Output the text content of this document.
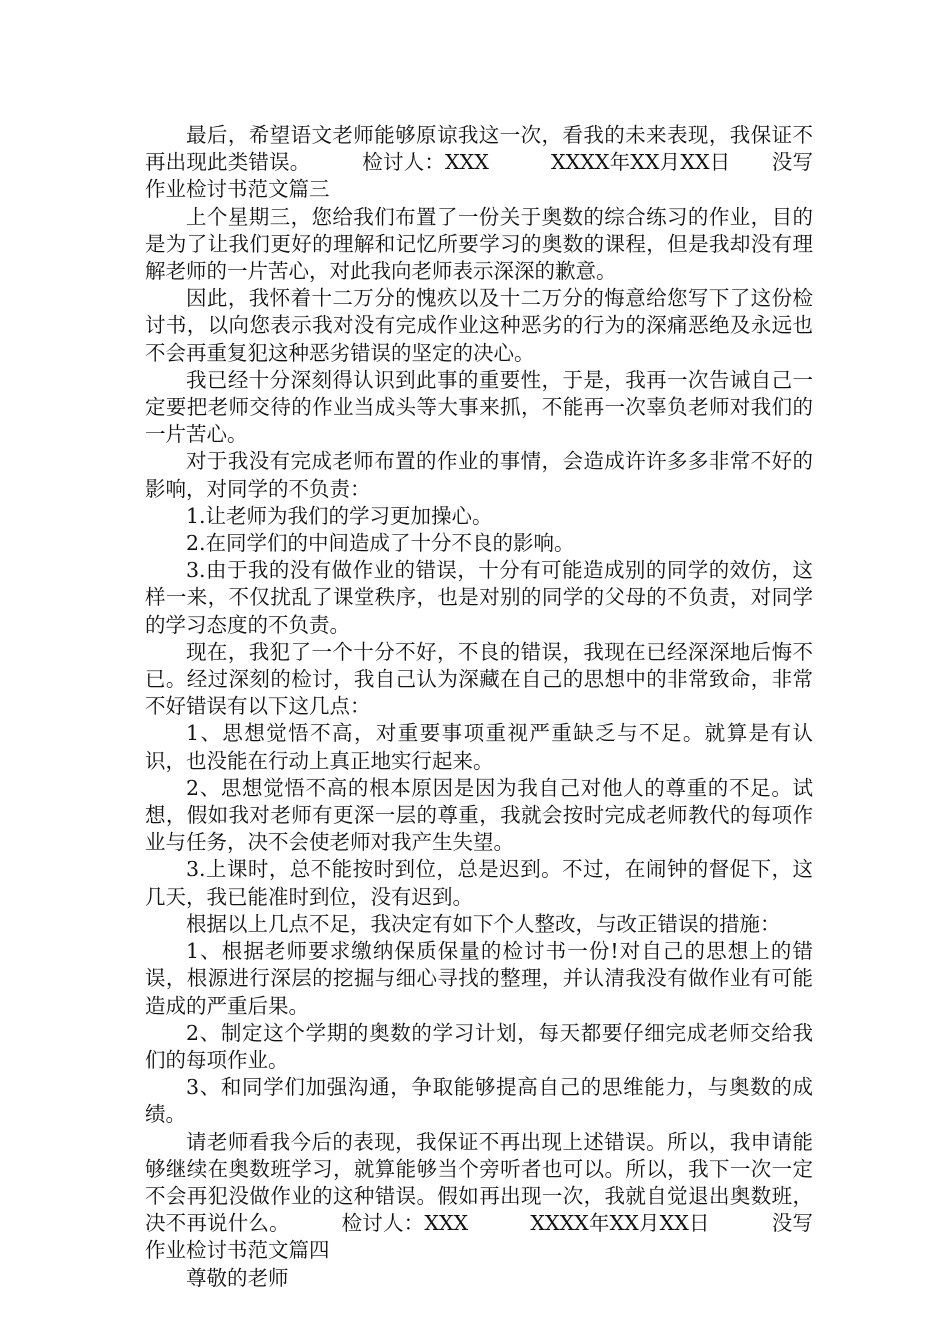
最后，希望语文老师能够原谅我这一次，看我的未来表现，我保证不再出现此类错误。　　　检讨人：XXX　　　XXXX年XX月XX日　　没写作业检讨书范文篇三

上个星期三，您给我们布置了一份关于奥数的综合练习的作业，目的是为了让我们更好的理解和记忆所要学习的奥数的课程，但是我却没有理解老师的一片苦心，对此我向老师表示深深的歉意。

因此，我怀着十二万分的愧疚以及十二万分的悔意给您写下了这份检讨书，以向您表示我对没有完成作业这种恶劣的行为的深痛恶绝及永远也不会再重复犯这种恶劣错误的坚定的决心。

我已经十分深刻得认识到此事的重要性，于是，我再一次告诫自己一定要把老师交待的作业当成头等大事来抓，不能再一次辜负老师对我们的一片苦心。

对于我没有完成老师布置的作业的事情，会造成许许多多非常不好的影响，对同学的不负责：

1.让老师为我们的学习更加操心。

2.在同学们的中间造成了十分不良的影响。

3.由于我的没有做作业的错误，十分有可能造成别的同学的效仿，这样一来，不仅扰乱了课堂秩序，也是对别的同学的父母的不负责，对同学的学习态度的不负责。

现在，我犯了一个十分不好，不良的错误，我现在已经深深地后悔不已。经过深刻的检讨，我自己认为深藏在自己的思想中的非常致命，非常不好错误有以下这几点：

1、思想觉悟不高，对重要事项重视严重缺乏与不足。就算是有认识，也没能在行动上真正地实行起来。

2、思想觉悟不高的根本原因是因为我自己对他人的尊重的不足。试想，假如我对老师有更深一层的尊重，我就会按时完成老师教代的每项作业与任务，决不会使老师对我产生失望。

3.上课时，总不能按时到位，总是迟到。不过，在闹钟的督促下，这几天，我已能准时到位，没有迟到。

根据以上几点不足，我决定有如下个人整改，与改正错误的措施：

1、根据老师要求缴纳保质保量的检讨书一份!对自己的思想上的错误，根源进行深层的挖掘与细心寻找的整理，并认清我没有做作业有可能造成的严重后果。

2、制定这个学期的奥数的学习计划，每天都要仔细完成老师交给我们的每项作业。

3、和同学们加强沟通，争取能够提高自己的思维能力，与奥数的成绩。

请老师看我今后的表现，我保证不再出现上述错误。所以，我申请能够继续在奥数班学习，就算能够当个旁听者也可以。所以，我下一次一定不会再犯没做作业的这种错误。假如再出现一次，我就自觉退出奥数班，决不再说什么。　　　检讨人：XXX　　　XXXX年XX月XX日　　　没写作业检讨书范文篇四

尊敬的老师
